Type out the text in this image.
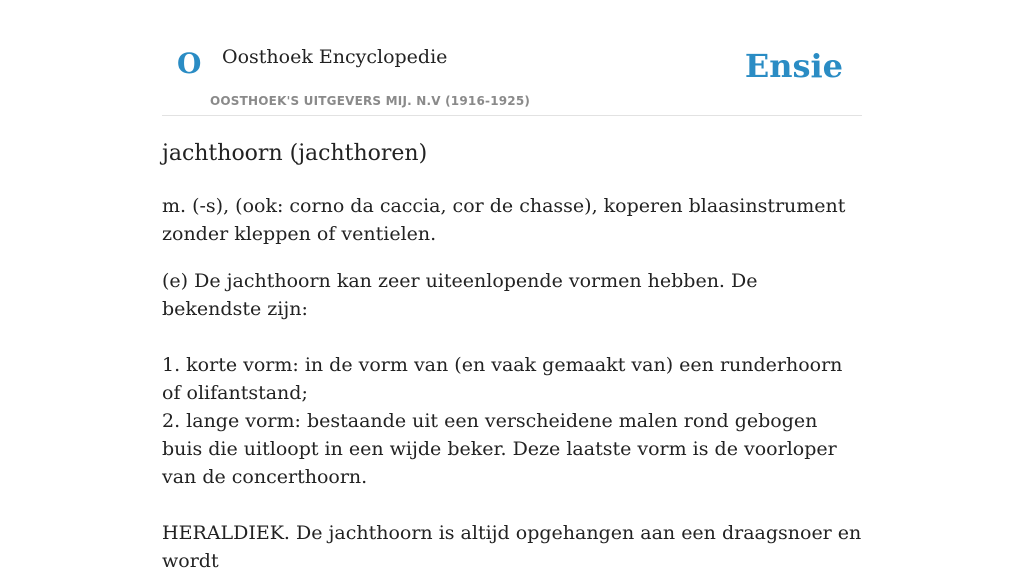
O Oosthoek Encyclopedie
OOSTHOEK'S UITGEVERS MIJ. N.V (1916-1925)
Ensie
jachthoorn (jachthoren)

m. (-s), (ook: corno da caccia, cor de chasse), koperen blaasinstrument zonder kleppen of ventielen.

(e) De jachthoorn kan zeer uiteenlopende vormen hebben. De bekendste zijn:
1. korte vorm: in de vorm van (en vaak gemaakt van) een runderhoorn of olifantstand;
2. lange vorm: bestaande uit een verscheidene malen rond gebogen buis die uitloopt in een wijde beker. Deze laatste vorm is de voorloper van de concerthoorn.
HERALDIEK. De jachthoorn is altijd opgehangen aan een draagsnoer en wordt
